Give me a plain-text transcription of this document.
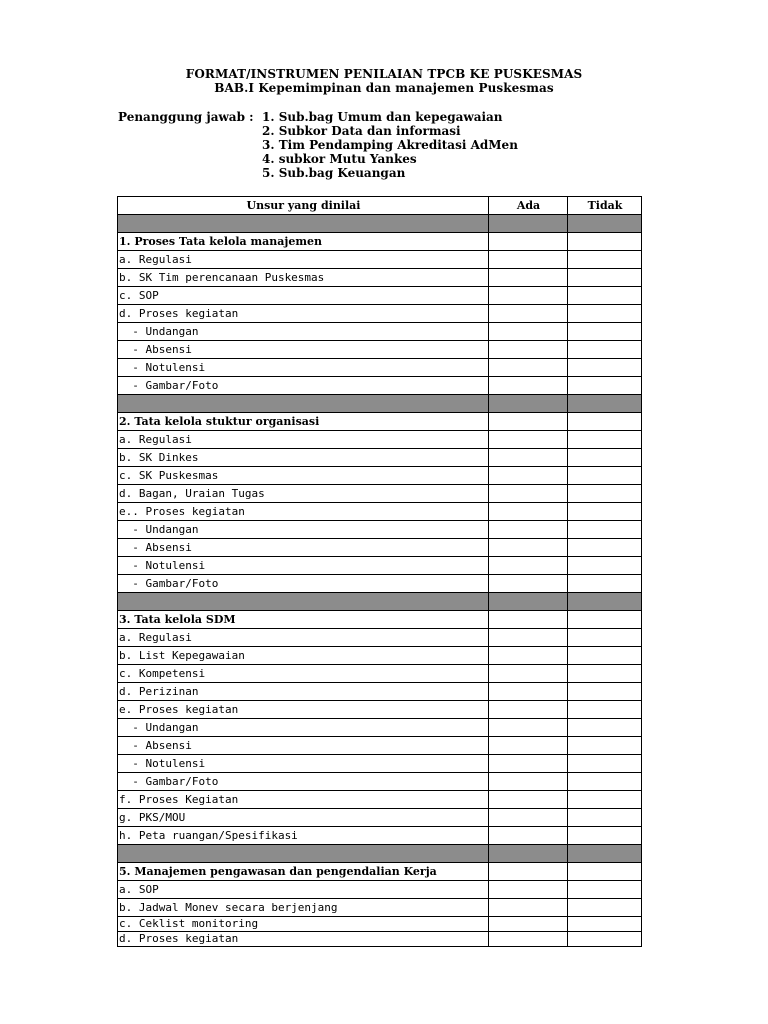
FORMAT/INSTRUMEN PENILAIAN TPCB KE PUSKESMAS
BAB.I Kepemimpinan dan manajemen Puskesmas
Penanggung jawab : 1. Sub.bag Umum dan kepegawaian
2. Subkor Data dan informasi
3. Tim Pendamping Akreditasi AdMen
4. subkor Mutu Yankes
5. Sub.bag Keuangan
Unsur yang dinilai	Ada	Tidak

1. Proses Tata kelola manajemen		
a. Regulasi		
b. SK Tim perencanaan Puskesmas		
c. SOP		
d. Proses kegiatan		
- Undangan		
- Absensi		
- Notulensi		
- Gambar/Foto		

2. Tata kelola stuktur organisasi		
a. Regulasi		
b. SK Dinkes		
c. SK Puskesmas		
d. Bagan, Uraian Tugas		
e.. Proses kegiatan		
- Undangan		
- Absensi		
- Notulensi		
- Gambar/Foto		

3. Tata kelola SDM		
a. Regulasi		
b. List Kepegawaian		
c. Kompetensi		
d. Perizinan		
e. Proses kegiatan		
- Undangan		
- Absensi		
- Notulensi		
- Gambar/Foto		
f. Proses Kegiatan		
g. PKS/MOU		
h. Peta ruangan/Spesifikasi		

5. Manajemen pengawasan dan pengendalian Kerja		
a. SOP		
b. Jadwal Monev secara berjenjang		
c. Ceklist monitoring		
d. Proses kegiatan		
